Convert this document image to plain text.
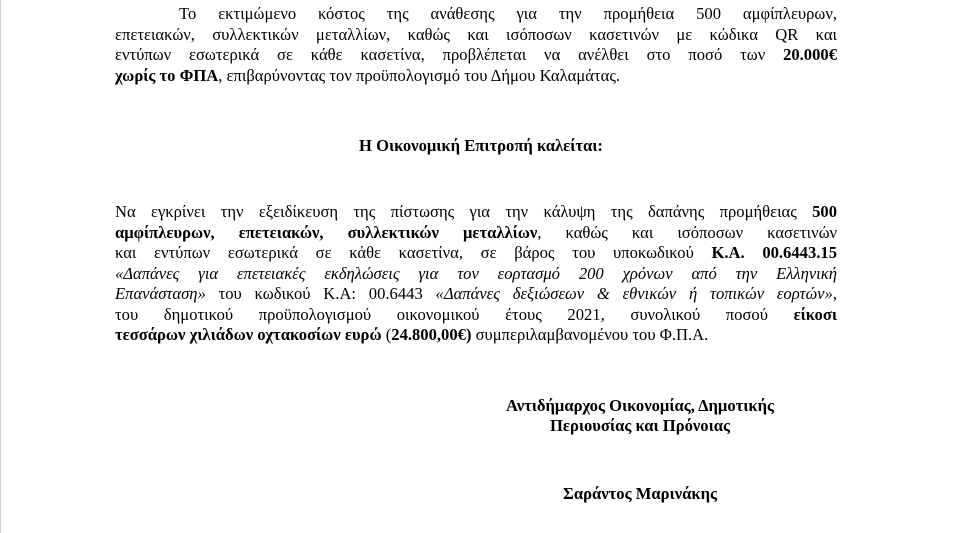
Το εκτιμώμενο κόστος της ανάθεσης για την προμήθεια 500 αμφίπλευρων,
επετειακών, συλλεκτικών μεταλλίων, καθώς και ισόποσων κασετινών με κώδικα QR και
εντύπων εσωτερικά σε κάθε κασετίνα, προβλέπεται να ανέλθει στο ποσό των 20.000€
χωρίς το ΦΠΑ, επιβαρύνοντας τον προϋπολογισμό του Δήμου Καλαμάτας.
Η Οικονομική Επιτροπή καλείται:
Να εγκρίνει την εξειδίκευση της πίστωσης για την κάλυψη της δαπάνης προμήθειας 500
αμφίπλευρων, επετειακών, συλλεκτικών μεταλλίων, καθώς και ισόποσων κασετινών
και εντύπων εσωτερικά σε κάθε κασετίνα, σε βάρος του υποκωδικού Κ.Α. 00.6443.15
«Δαπάνες για επετειακές εκδηλώσεις για τον εορτασμό 200 χρόνων από την Ελληνική
Επανάσταση» του κωδικού Κ.Α: 00.6443 «Δαπάνες δεξιώσεων & εθνικών ή τοπικών εορτών»,
του δημοτικού προϋπολογισμού οικονομικού έτους 2021, συνολικού ποσού είκοσι
τεσσάρων χιλιάδων οχτακοσίων ευρώ (24.800,00€) συμπεριλαμβανομένου του Φ.Π.Α.
Αντιδήμαρχος Οικονομίας, Δημοτικής
Περιουσίας και Πρόνοιας
Σαράντος Μαρινάκης
